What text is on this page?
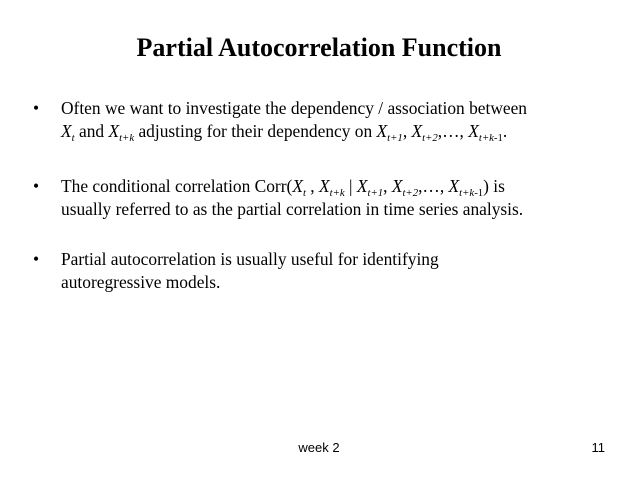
Partial Autocorrelation Function
• Often we want to investigate the dependency / association between
$X_t$ and $X_{t+k}$ adjusting for their dependency on $X_{t+1}$, $X_{t+2},\dots$, $X_{t+k-1}$.
• The conditional correlation $Corr(X_t$ , $X_{t+k}$ | $X_{t+1}$, $X_{t+2},\dots$, $X_{t+k-1}$) is
usually referred to as the partial correlation in time series analysis.
• Partial autocorrelation is usually useful for identifying
autoregressive models.
week 2	11
